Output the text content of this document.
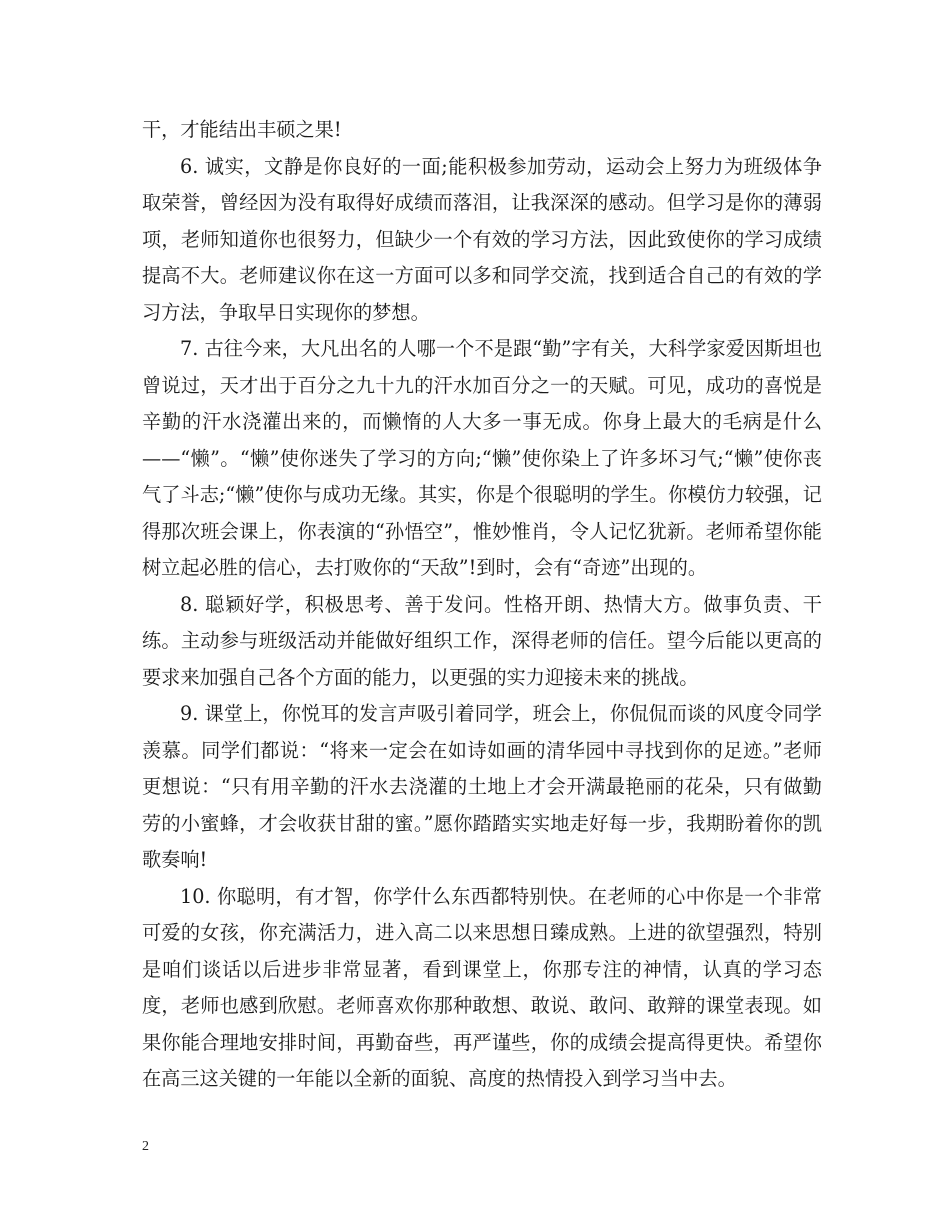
干，才能结出丰硕之果!

6. 诚实，文静是你良好的一面;能积极参加劳动，运动会上努力为班级体争取荣誉，曾经因为没有取得好成绩而落泪，让我深深的感动。但学习是你的薄弱项，老师知道你也很努力，但缺少一个有效的学习方法，因此致使你的学习成绩提高不大。老师建议你在这一方面可以多和同学交流，找到适合自己的有效的学习方法，争取早日实现你的梦想。

7. 古往今来，大凡出名的人哪一个不是跟“勤”字有关，大科学家爱因斯坦也曾说过，天才出于百分之九十九的汗水加百分之一的天赋。可见，成功的喜悦是辛勤的汗水浇灌出来的，而懒惰的人大多一事无成。你身上最大的毛病是什么——“懒”。“懒”使你迷失了学习的方向;“懒”使你染上了许多坏习气;“懒”使你丧气了斗志;“懒”使你与成功无缘。其实，你是个很聪明的学生。你模仿力较强，记得那次班会课上，你表演的“孙悟空”，惟妙惟肖，令人记忆犹新。老师希望你能树立起必胜的信心，去打败你的“天敌”!到时，会有“奇迹”出现的。

8. 聪颖好学，积极思考、善于发问。性格开朗、热情大方。做事负责、干练。主动参与班级活动并能做好组织工作，深得老师的信任。望今后能以更高的要求来加强自己各个方面的能力，以更强的实力迎接未来的挑战。

9. 课堂上，你悦耳的发言声吸引着同学，班会上，你侃侃而谈的风度令同学羡慕。同学们都说：“将来一定会在如诗如画的清华园中寻找到你的足迹。”老师更想说：“只有用辛勤的汗水去浇灌的土地上才会开满最艳丽的花朵，只有做勤劳的小蜜蜂，才会收获甘甜的蜜。”愿你踏踏实实地走好每一步，我期盼着你的凯歌奏响!

10. 你聪明，有才智，你学什么东西都特别快。在老师的心中你是一个非常可爱的女孩，你充满活力，进入高二以来思想日臻成熟。上进的欲望强烈，特别是咱们谈话以后进步非常显著，看到课堂上，你那专注的神情，认真的学习态度，老师也感到欣慰。老师喜欢你那种敢想、敢说、敢问、敢辩的课堂表现。如果你能合理地安排时间，再勤奋些，再严谨些，你的成绩会提高得更快。希望你在高三这关键的一年能以全新的面貌、高度的热情投入到学习当中去。

2
